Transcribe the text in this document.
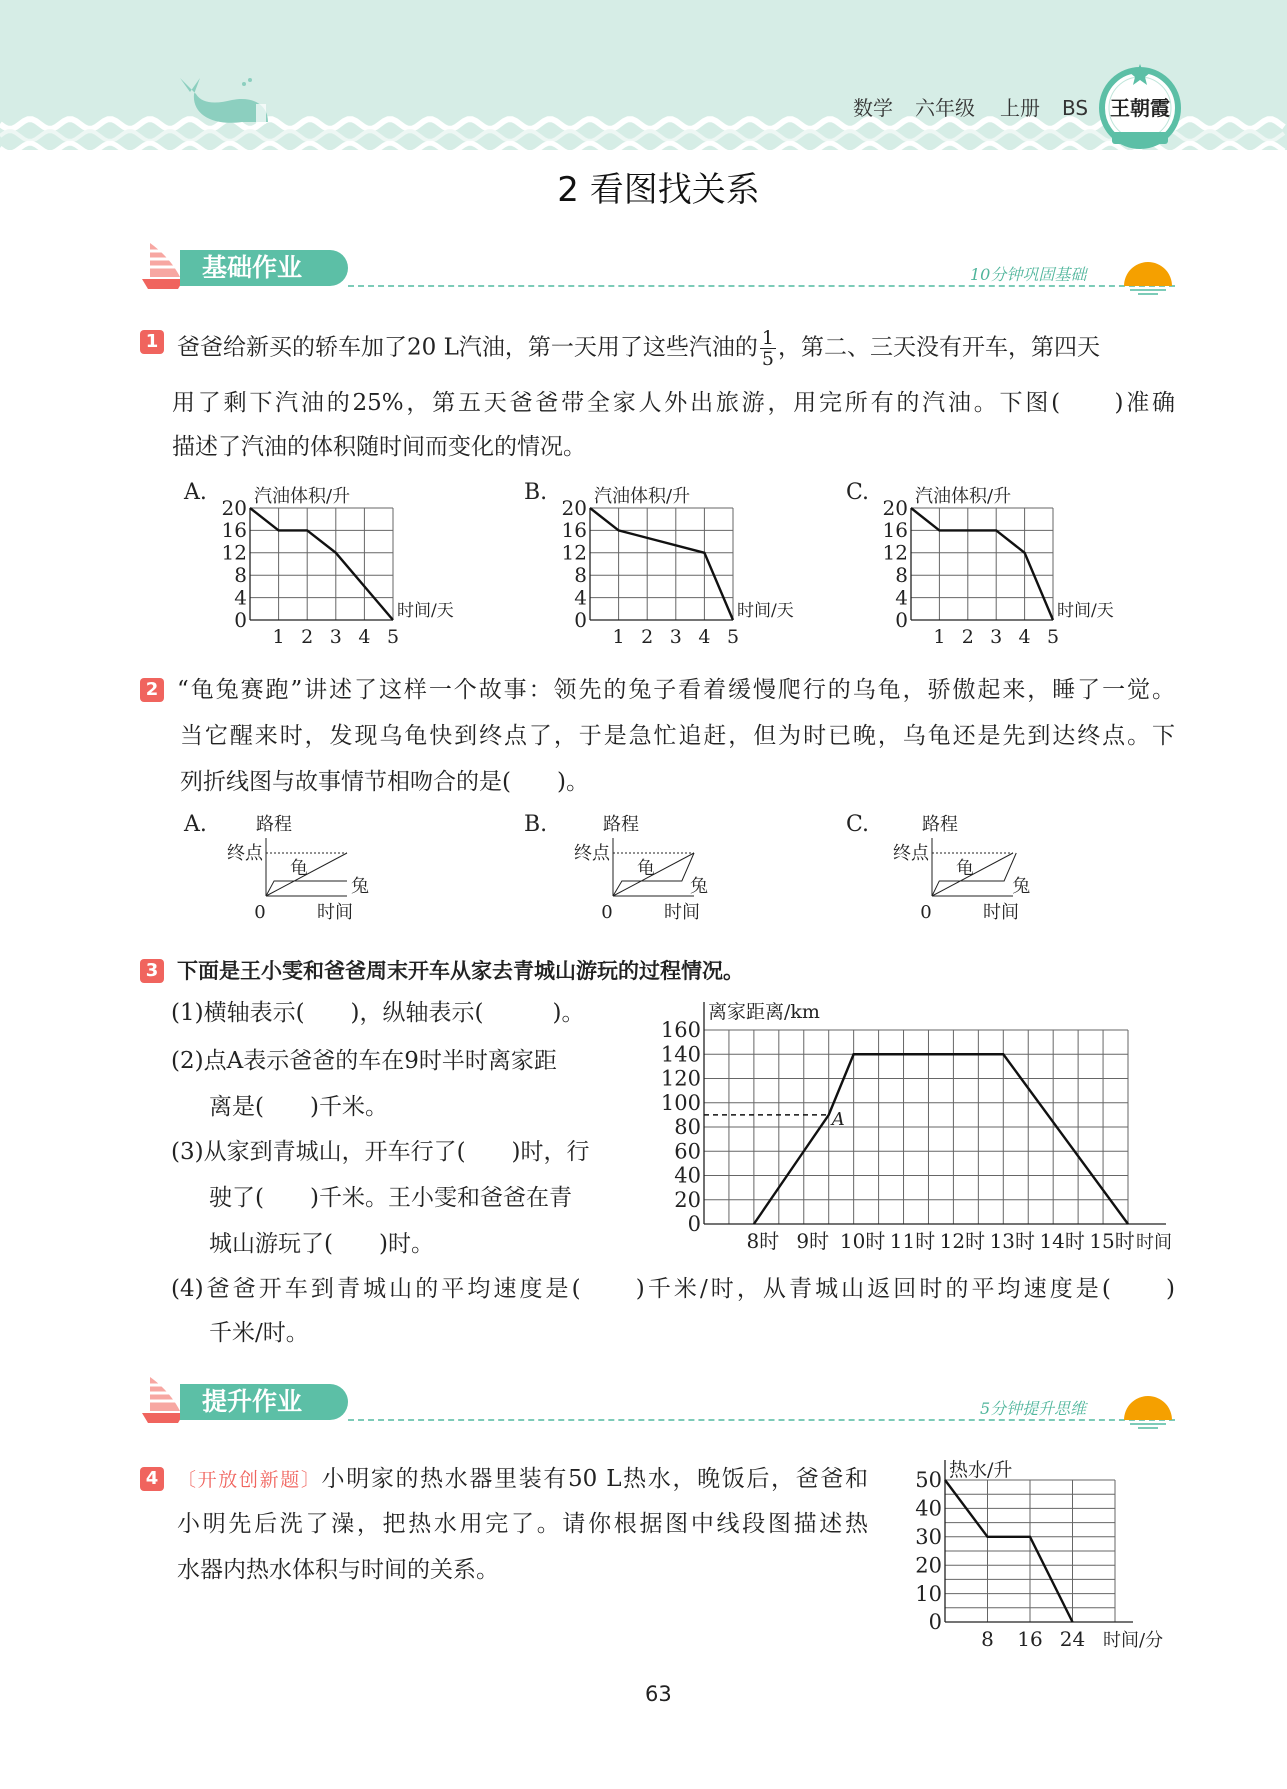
数学 六年级 上册 BS 王朝霞
2 看图找关系
基础作业	10分钟巩固基础
1 爸爸给新买的轿车加了20 L汽油，第一天用了这些汽油的 $\frac{1}{5}$ ，第二、三天没有开车，第四天
用了剩下汽油的25%，第五天爸爸带全家人外出旅游，用完所有的汽油。下图(　　)准确
描述了汽油的体积随时间而变化的情况。
A.	B.	C.
2 “龟兔赛跑”讲述了这样一个故事：领先的兔子看着缓慢爬行的乌龟，骄傲起来，睡了一觉。
当它醒来时，发现乌龟快到终点了，于是急忙追赶，但为时已晚，乌龟还是先到达终点。下
列折线图与故事情节相吻合的是(　　)。
A.	B.	C.
3 下面是王小雯和爸爸周末开车从家去青城山游玩的过程情况。
(1)横轴表示(　　)，纵轴表示(　　　)。
(2)点A表示爸爸的车在9时半时离家距
离是(　　)千米。
(3)从家到青城山，开车行了(　　)时，行
驶了(　　)千米。王小雯和爸爸在青
城山游玩了(　　)时。
(4)爸爸开车到青城山的平均速度是(　　)千米/时，从青城山返回时的平均速度是(　　)
千米/时。
提升作业	5分钟提升思维
4 〔开放创新题〕小明家的热水器里装有50 L热水，晚饭后，爸爸和
小明先后洗了澡，把热水用完了。请你根据图中线段图描述热
水器内热水体积与时间的关系。
0
4
8
12
16
20
1 2 3 4 5
汽油体积/升
时间/天	0
4
8
12
16
20
1 2 3 4 5
汽油体积/升
时间/天	0
4
8
12
16
20
1 2 3 4 5
汽油体积/升
时间/天
路程
终点
龟
兔
0	时间
路程
终点
龟
兔
0	时间
路程
终点
龟
兔
0	时间
0
20
40
60
80
100
120
140
160
8时 9时 10时 11时 12时 13时 14时 15时
离家距离/km
时间
A
0
10
20
30
40
50
8 16 24
热水/升
时间/分
63
